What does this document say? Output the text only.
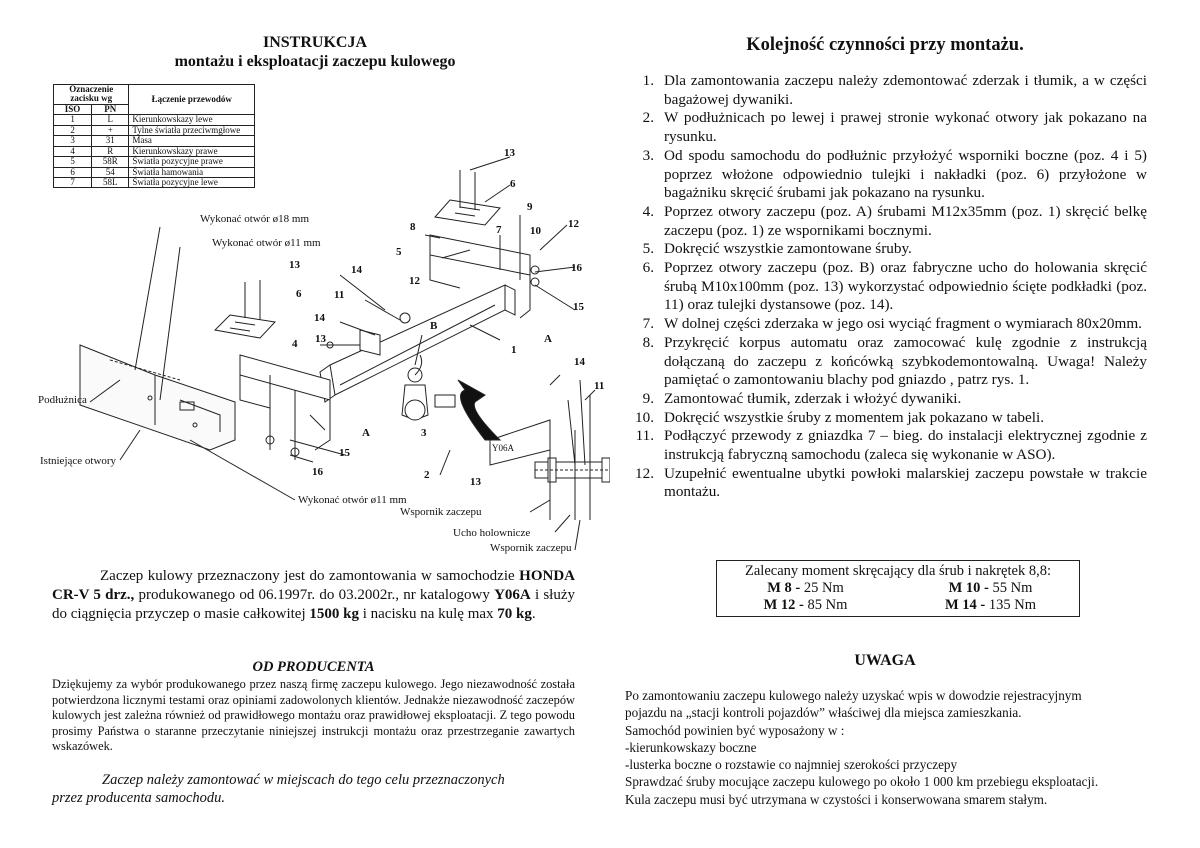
INSTRUKCJA
montażu i eksploatacji zaczepu kulowego
Oznaczenie zacisku wg		Łączenie przewodów
ISO	PN	
1	L	Kierunkowskazy lewe
2	+	Tylne światła przeciwmgłowe
3	31	Masa
4	R	Kierunkowskazy prawe
5	58R	Światła pozycyjne prawe
6	54	Światła hamowania
7	58L	Światła pozycyjne lewe
Wykonać otwór ø18 mm
Wykonać otwór ø11 mm
Podłużnica
Istniejące otwory
Wykonać otwór ø11 mm
Wspornik zaczepu
Ucho holownicze
Wspornik zaczepu
Y06A
13
6
9
8	7	10
12
5
16
15
13	14
6
12
11
14
B
A
13
4	1
14
11
A	3
15
16	2
13
Zaczep kulowy przeznaczony jest do zamontowania w samochodzie HONDA CR-V 5 drz., produkowanego od 06.1997r. do 03.2002r., nr katalogowy Y06A i służy do ciągnięcia przyczep o masie całkowitej 1500 kg i nacisku na kulę max 70 kg.
OD PRODUCENTA

Dziękujemy za wybór produkowanego przez naszą firmę zaczepu kulowego. Jego niezawodność została potwierdzona licznymi testami oraz opiniami zadowolonych klientów. Jednakże niezawodność zaczepów kulowych jest zależna również od prawidłowego montażu oraz prawidłowej eksploatacji. Z tego powodu prosimy Państwa o staranne przeczytanie niniejszej instrukcji montażu oraz przestrzeganie zawartych wskazówek.

Zaczep należy zamontować w miejscach do tego celu przeznaczonych
przez producenta samochodu.
Kolejność czynności przy montażu.
1. Dla zamontowania zaczepu należy zdemontować zderzak i tłumik, a w części bagażowej dywaniki.
2. W podłużnicach po lewej i prawej stronie wykonać otwory jak pokazano na rysunku.
3. Od spodu samochodu do podłużnic przyłożyć wsporniki boczne (poz. 4 i 5) poprzez włożone odpowiednio tulejki i nakładki (poz. 6) przyłożone w bagażniku skręcić śrubami jak pokazano na rysunku.
4. Poprzez otwory zaczepu (poz. A) śrubami M12x35mm (poz. 1) skręcić belkę zaczepu (poz. 1) ze wspornikami bocznymi.
5. Dokręcić wszystkie zamontowane śruby.
6. Poprzez otwory zaczepu (poz. B) oraz fabryczne ucho do holowania skręcić śrubą M10x100mm (poz. 13) wykorzystać odpowiednio ścięte podkładki (poz. 11) oraz tulejki dystansowe (poz. 14).
7. W dolnej części zderzaka w jego osi wyciąć fragment o wymiarach 80x20mm.
8. Przykręcić korpus automatu oraz zamocować kulę zgodnie z instrukcją dołączaną do zaczepu z końcówką szybkodemontowalną. Uwaga! Należy pamiętać o zamontowaniu blachy pod gniazdo , patrz rys. 1.
9. Zamontować tłumik, zderzak i włożyć dywaniki.
10. Dokręcić wszystkie śruby z momentem jak pokazano w tabeli.
11. Podłączyć przewody z gniazdka 7 – bieg. do instalacji elektrycznej zgodnie z instrukcją fabryczną samochodu (zaleca się wykonanie w ASO).
12. Uzupełnić ewentualne ubytki powłoki malarskiej zaczepu powstałe w trakcie montażu.
Zalecany moment skręcający dla śrub i nakrętek 8,8:
M 8 - 25 Nm	M 10 - 55 Nm
M 12 - 85 Nm	M 14 - 135 Nm
UWAGA

Po zamontowaniu zaczepu kulowego należy uzyskać wpis w dowodzie rejestracyjnym

pojazdu na „stacji kontroli pojazdów” właściwej dla miejsca zamieszkania.

Samochód powinien być wyposażony w :

-kierunkowskazy boczne

-lusterka boczne o rozstawie co najmniej szerokości przyczepy

Sprawdzać śruby mocujące zaczepu kulowego po około 1 000 km przebiegu eksploatacji.

Kula zaczepu musi być utrzymana w czystości i konserwowana smarem stałym.
